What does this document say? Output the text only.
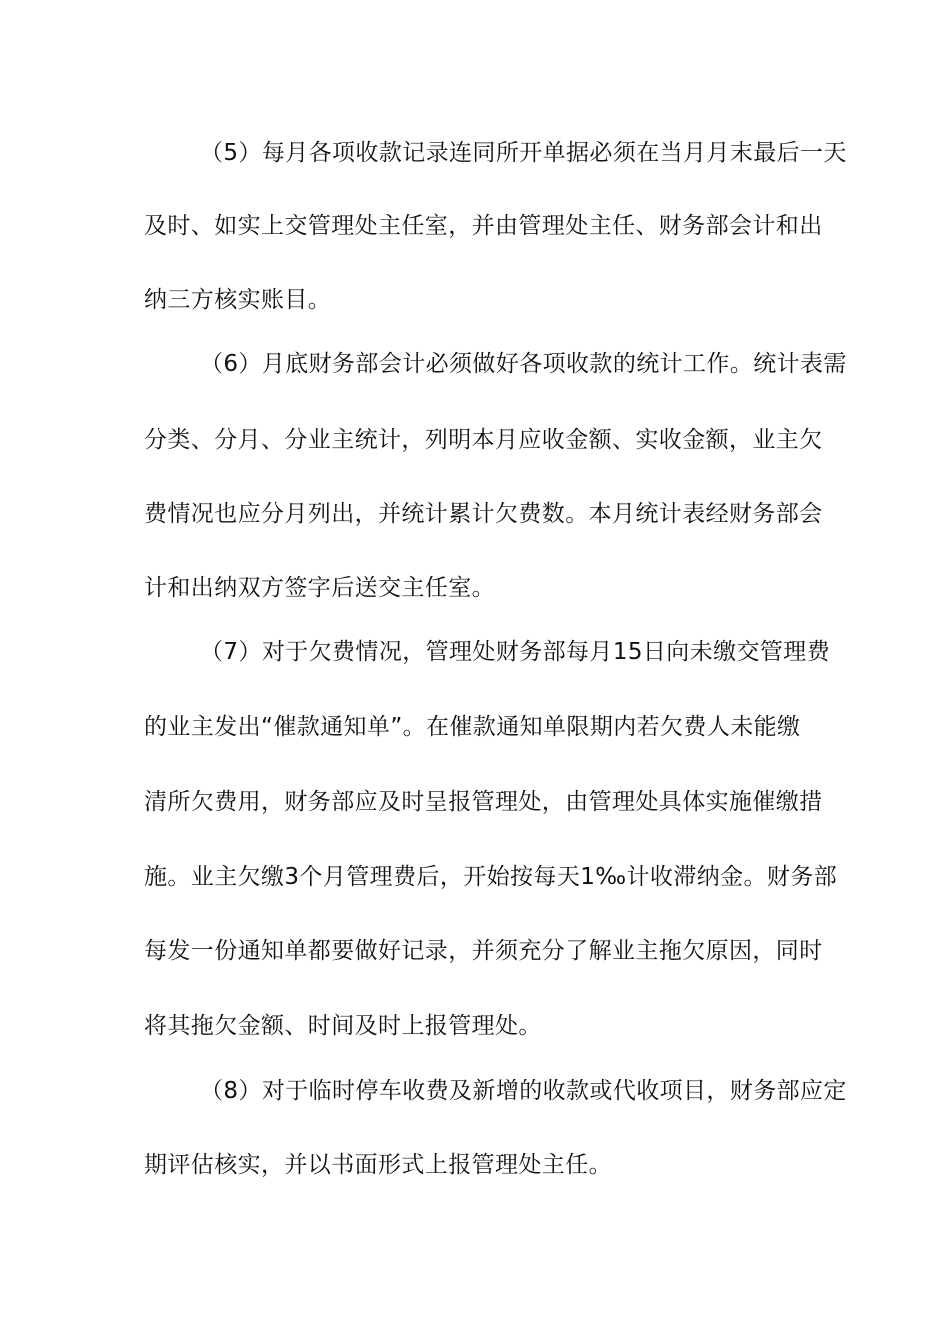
（5）每月各项收款记录连同所开单据必须在当月月末最后一天
及时、如实上交管理处主任室，并由管理处主任、财务部会计和出
纳三方核实账目。
（6）月底财务部会计必须做好各项收款的统计工作。统计表需
分类、分月、分业主统计，列明本月应收金额、实收金额，业主欠
费情况也应分月列出，并统计累计欠费数。本月统计表经财务部会
计和出纳双方签字后送交主任室。
（7）对于欠费情况，管理处财务部每月15日向未缴交管理费
的业主发出“催款通知单”。在催款通知单限期内若欠费人未能缴
清所欠费用，财务部应及时呈报管理处，由管理处具体实施催缴措
施。业主欠缴3个月管理费后，开始按每天1‰计收滞纳金。财务部
每发一份通知单都要做好记录，并须充分了解业主拖欠原因，同时
将其拖欠金额、时间及时上报管理处。
（8）对于临时停车收费及新增的收款或代收项目，财务部应定
期评估核实，并以书面形式上报管理处主任。
